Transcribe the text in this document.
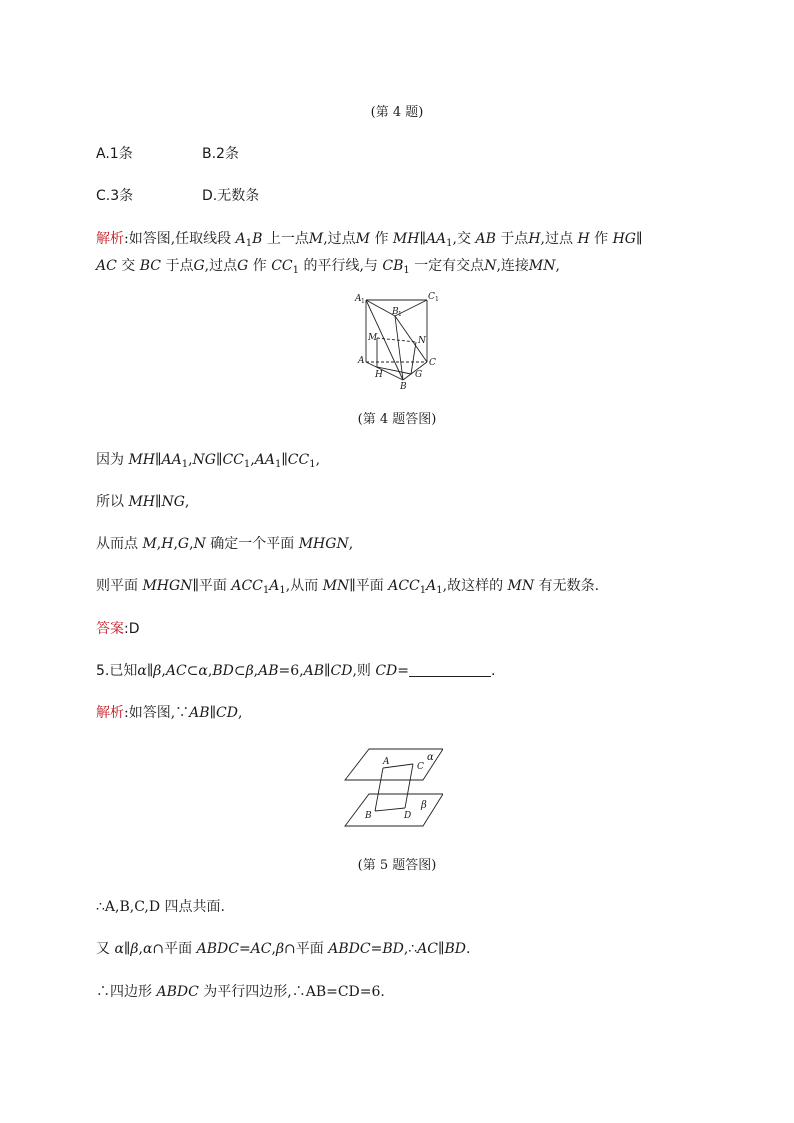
(第 4 题)
A.1条	B.2条
C.3条	D.无数条
解析:如答图,任取线段 $A_1B$ 上一点M,过点M 作 $MH\parallel AA_1$,交 AB 于点H,过点 H 作 HG∥
AC 交 BC 于点G,过点G 作 $CC_1$ 的平行线,与 $CB_1$ 一定有交点N,连接MN,
A 1	C 1
B 1
M	N
A	C
H	G
B
(第 4 题答图)
因为 $MH\parallel AA_1,NG\parallel CC_1,AA_1\parallel CC_1$,
所以 MH∥NG,
从而点 M,H,G,N 确定一个平面 MHGN,
则平面 MHGN∥平面 $ACC_1A_1$,从而 MN∥平面 $ACC_1A_1$,故这样的 MN 有无数条.
答案:D
5.已知α∥β,AC⊂α,BD⊂β,AB=6,AB∥CD,则 CD=	.
解析:如答图,∵AB∥CD,
α
β
A	C
B	D
(第 5 题答图)
∴A,B,C,D 四点共面.
又 α∥β,α∩平面 ABDC=AC,β∩平面 ABDC=BD,∴AC∥BD.
∴四边形 ABDC 为平行四边形,∴AB=CD=6.
